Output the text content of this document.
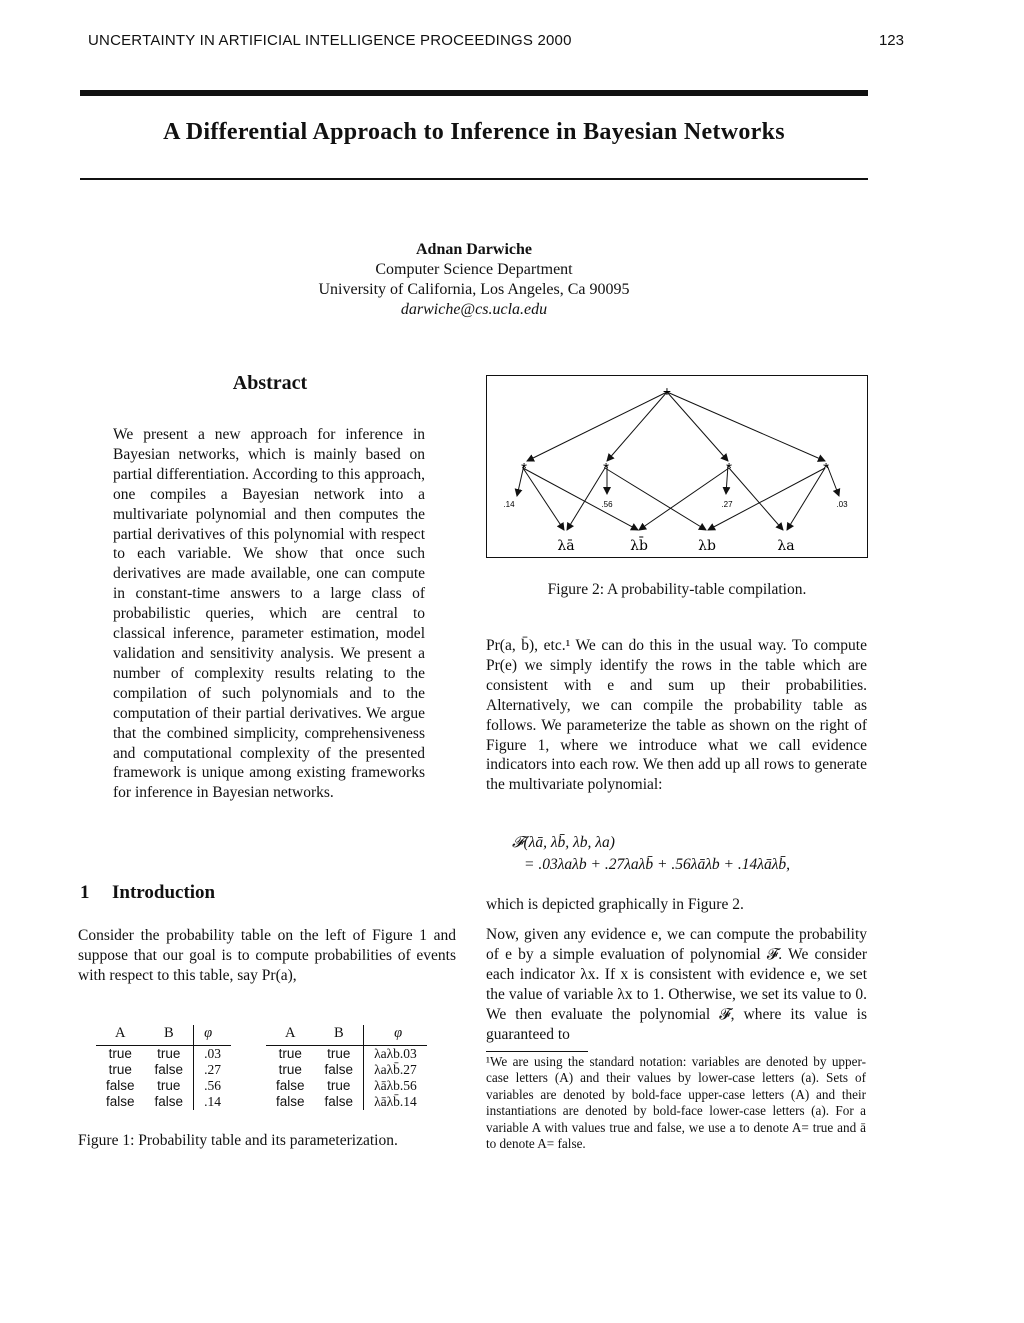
UNCERTAINTY IN ARTIFICIAL INTELLIGENCE PROCEEDINGS 2000	123
A Differential Approach to Inference in Bayesian Networks
Adnan Darwiche
Computer Science Department
University of California, Los Angeles, Ca 90095
darwiche@cs.ucla.edu
Abstract
We present a new approach for inference in Bayesian networks, which is mainly based on partial differentiation. According to this approach, one compiles a Bayesian network into a multivariate polynomial and then computes the partial derivatives of this polynomial with respect to each variable. We show that once such derivatives are made available, one can compute in constant-time answers to a large class of probabilistic queries, which are central to classical inference, parameter estimation, model validation and sensitivity analysis. We present a number of complexity results relating to the compilation of such polynomials and to the computation of their partial derivatives. We argue that the combined simplicity, comprehensiveness and computational complexity of the presented framework is unique among existing frameworks for inference in Bayesian networks.
1 Introduction
Consider the probability table on the left of Figure 1 and suppose that our goal is to compute probabilities of events with respect to this table, say Pr(a),
A	B	φ
true	true	.03
true	false	.27
false	true	.56
false	false	.14
A	B	φ
true	true	λaλb.03
true	false	λaλb̄.27
false	true	λāλb.56
false	false	λāλb̄.14
Figure 1: Probability table and its parameterization.
+
*	*	*	*
.14	.56	.27	.03
λā	λb̄	λb	λa
Figure 2: A probability-table compilation.
Pr(a, b̄), etc.¹ We can do this in the usual way. To compute Pr(e) we simply identify the rows in the table which are consistent with e and sum up their probabilities. Alternatively, we can compile the probability table as follows. We parameterize the table as shown on the right of Figure 1, where we introduce what we call evidence indicators into each row. We then add up all rows to generate the multivariate polynomial:
𝓕(λā, λb̄, λb, λa)
= .03λaλb + .27λaλb̄ + .56λāλb + .14λāλb̄,
which is depicted graphically in Figure 2.
Now, given any evidence e, we can compute the probability of e by a simple evaluation of polynomial 𝓕. We consider each indicator λx. If x is consistent with evidence e, we set the value of variable λx to 1. Otherwise, we set its value to 0. We then evaluate the polynomial 𝓕, where its value is guaranteed to
¹We are using the standard notation: variables are denoted by upper-case letters (A) and their values by lower-case letters (a). Sets of variables are denoted by bold-face upper-case letters (A) and their instantiations are denoted by bold-face lower-case letters (a). For a variable A with values true and false, we use a to denote A= true and ā to denote A= false.
